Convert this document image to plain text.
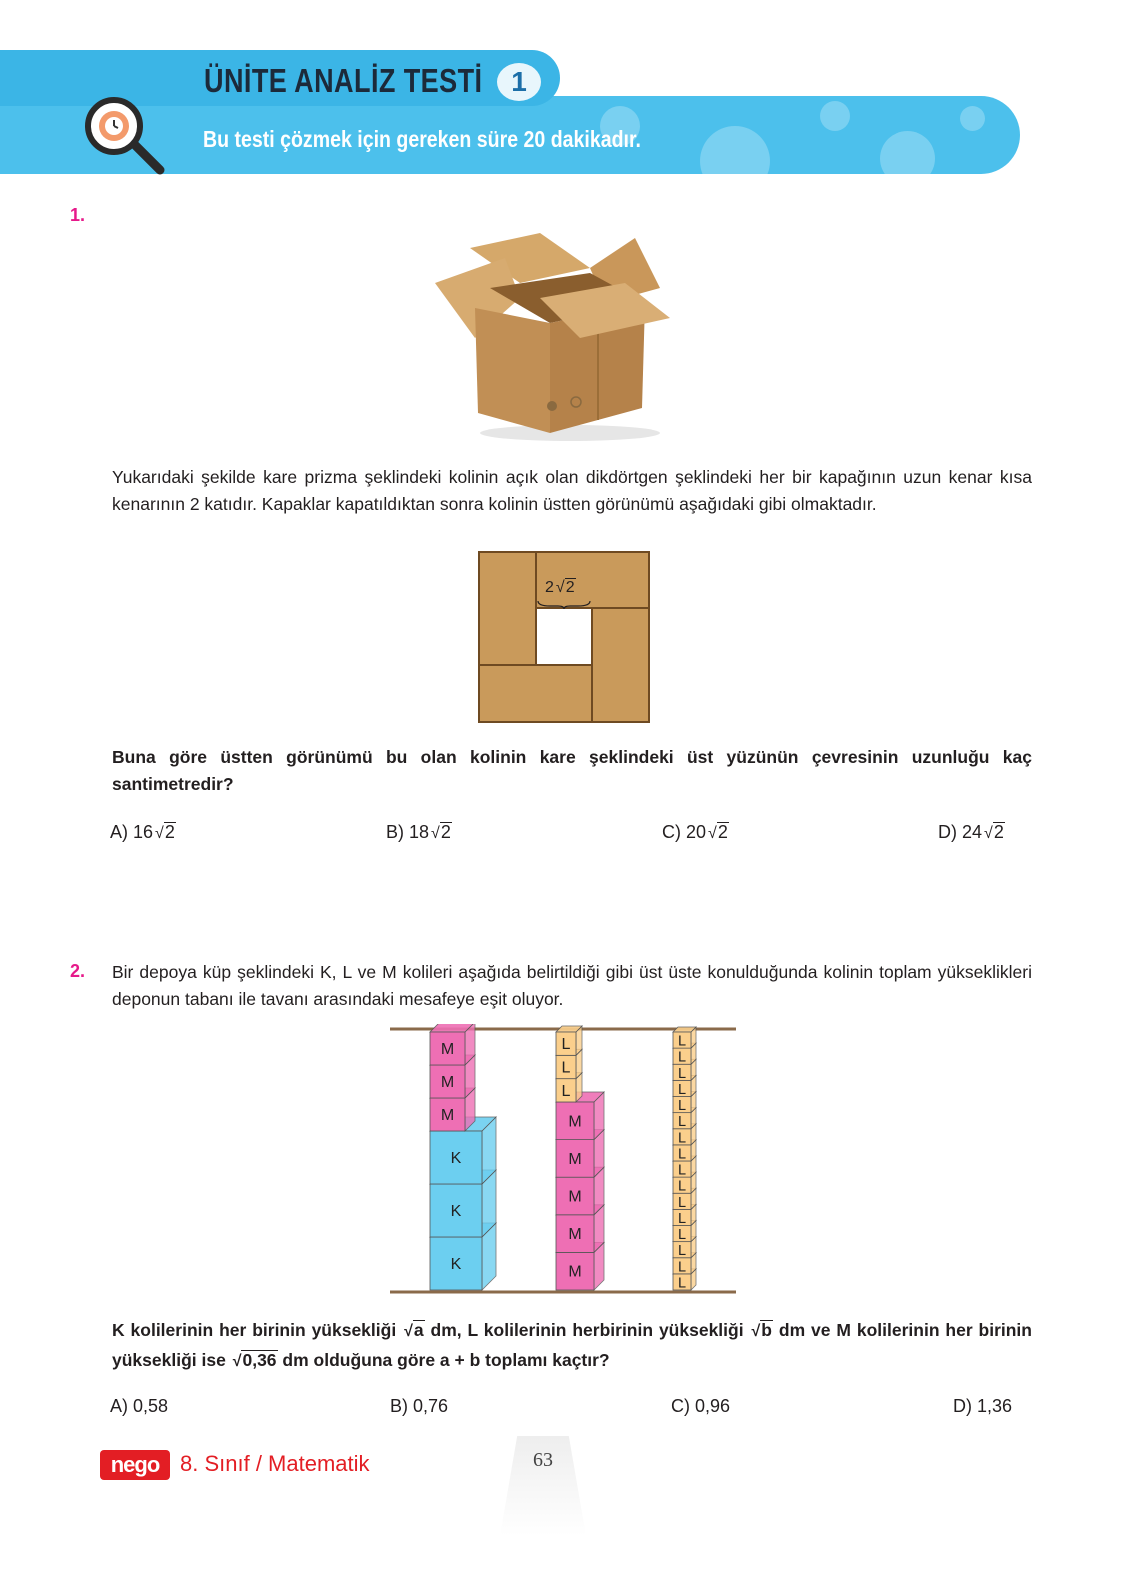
ÜNİTE ANALİZ TESTİ	1
Bu testi çözmek için gereken süre 20 dakikadır.
1.
Yukarıdaki şekilde kare prizma şeklindeki kolinin açık olan dikdörtgen şeklindeki her bir kapağının uzun kenar kısa kenarının 2 katıdır. Kapaklar kapatıldıktan sonra kolinin üstten görünümü aşağıdaki gibi olmaktadır.
2 √2
Buna göre üstten görünümü bu olan kolinin kare şeklindeki üst yüzünün çevresinin uzunluğu kaç santimetredir?
A) 16 √2	B) 18 √2	C) 20 √2	D) 24 √2
2. Bir depoya küp şeklindeki K, L ve M kolileri aşağıda belirtildiği gibi üst üste konulduğunda kolinin toplam yükseklikleri deponun tabanı ile tavanı arasındaki mesafeye eşit oluyor.
K
K
K
M
M
M
M
M
M
M
M
L
L
L
L
L
L
L
L
L
L
L
L
L
L
L
L
L
L
L
K kolilerinin her birinin yüksekliği √a dm, L kolilerinin herbirinin yüksekliği √b dm ve M kolilerinin her birinin yüksekliği ise √0,36 dm olduğuna göre a + b toplamı kaçtır?
A) 0,58	B) 0,76	C) 0,96	D) 1,36
nego 8. Sınıf / Matematik	63
